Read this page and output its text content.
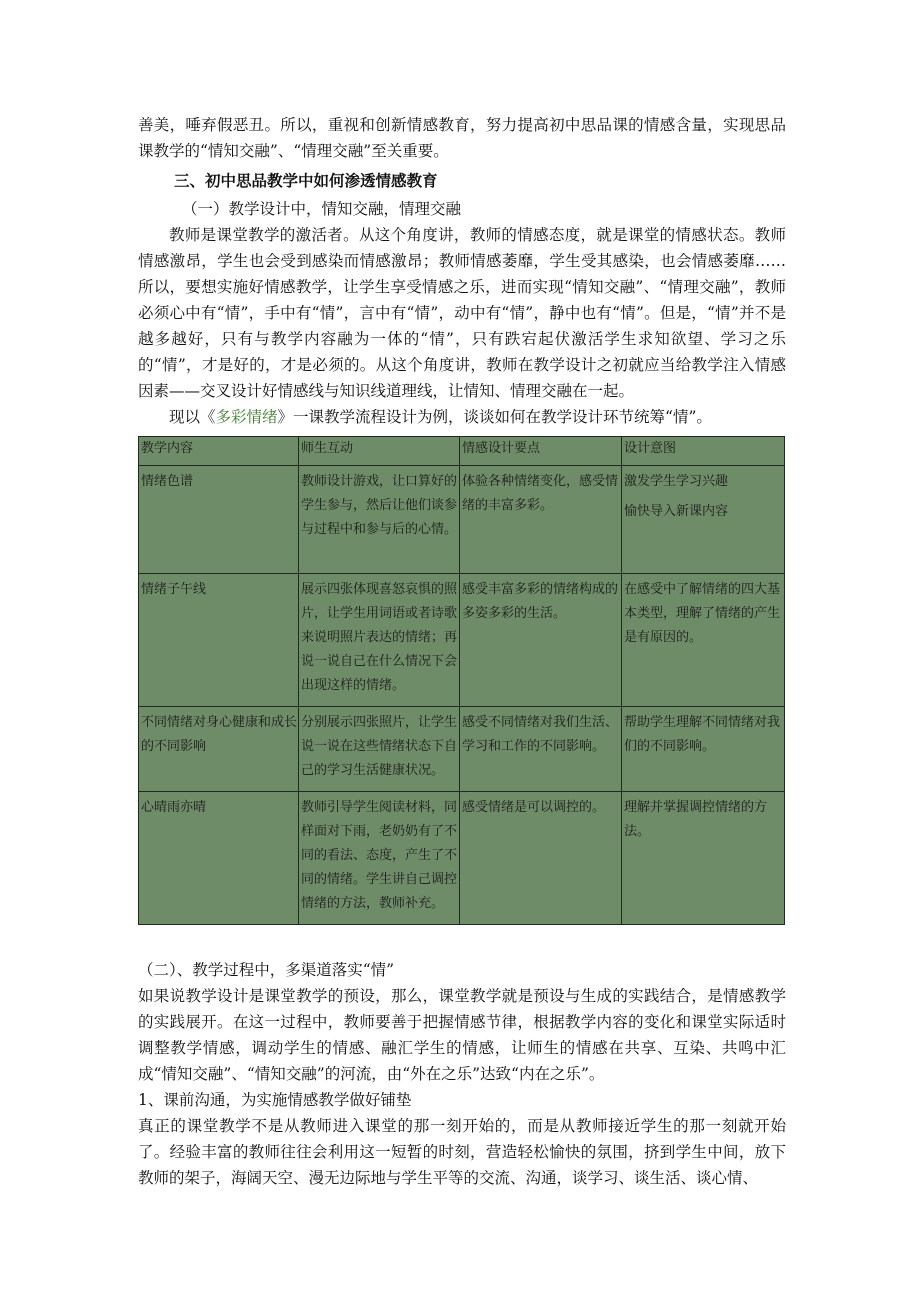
善美，唾弃假恶丑。所以，重视和创新情感教育，努力提高初中思品课的情感含量，实现思品课教学的“情知交融”、“情理交融”至关重要。

三、初中思品教学中如何渗透情感教育

（一）教学设计中，情知交融，情理交融

教师是课堂教学的激活者。从这个角度讲，教师的情感态度，就是课堂的情感状态。教师情感激昂，学生也会受到感染而情感激昂；教师情感萎靡，学生受其感染，也会情感萎靡……所以，要想实施好情感教学，让学生享受情感之乐，进而实现“情知交融”、“情理交融”，教师必须心中有“情”，手中有“情”，言中有“情”，动中有“情”，静中也有“情”。但是，“情”并不是越多越好，只有与教学内容融为一体的“情”，只有跌宕起伏激活学生求知欲望、学习之乐的“情”，才是好的，才是必须的。从这个角度讲，教师在教学设计之初就应当给教学注入情感因素——交叉设计好情感线与知识线道理线，让情知、情理交融在一起。

现以《多彩情绪》一课教学流程设计为例，谈谈如何在教学设计环节统筹“情”。

教学内容	师生互动	情感设计要点	设计意图
情绪色谱	教师设计游戏，让口算好的学生参与，然后让他们谈参与过程中和参与后的心情。	体验各种情绪变化，感受情绪的丰富多彩。	激发学生学习兴趣
愉快导入新课内容

情绪子午线	展示四张体现喜怒哀惧的照片，让学生用词语或者诗歌来说明照片表达的情绪；再说一说自己在什么情况下会出现这样的情绪。	感受丰富多彩的情绪构成的多姿多彩的生活。	在感受中了解情绪的四大基本类型，理解了情绪的产生是有原因的。
不同情绪对身心健康和成长的不同影响	分别展示四张照片，让学生说一说在这些情绪状态下自己的学习生活健康状况。	感受不同情绪对我们生活、学习和工作的不同影响。	帮助学生理解不同情绪对我们的不同影响。
心晴雨亦晴	教师引导学生阅读材料，同样面对下雨，老奶奶有了不同的看法、态度，产生了不同的情绪。学生讲自己调控情绪的方法，教师补充。	感受情绪是可以调控的。	理解并掌握调控情绪的方法。

（二）、教学过程中，多渠道落实“情”

如果说教学设计是课堂教学的预设，那么，课堂教学就是预设与生成的实践结合，是情感教学的实践展开。在这一过程中，教师要善于把握情感节律，根据教学内容的变化和课堂实际适时调整教学情感，调动学生的情感、融汇学生的情感，让师生的情感在共享、互染、共鸣中汇成“情知交融”、“情知交融”的河流，由“外在之乐”达致“内在之乐”。

1、课前沟通，为实施情感教学做好铺垫

真正的课堂教学不是从教师进入课堂的那一刻开始的，而是从教师接近学生的那一刻就开始了。经验丰富的教师往往会利用这一短暂的时刻，营造轻松愉快的氛围，挤到学生中间，放下教师的架子，海阔天空、漫无边际地与学生平等的交流、沟通，谈学习、谈生活、谈心情、
